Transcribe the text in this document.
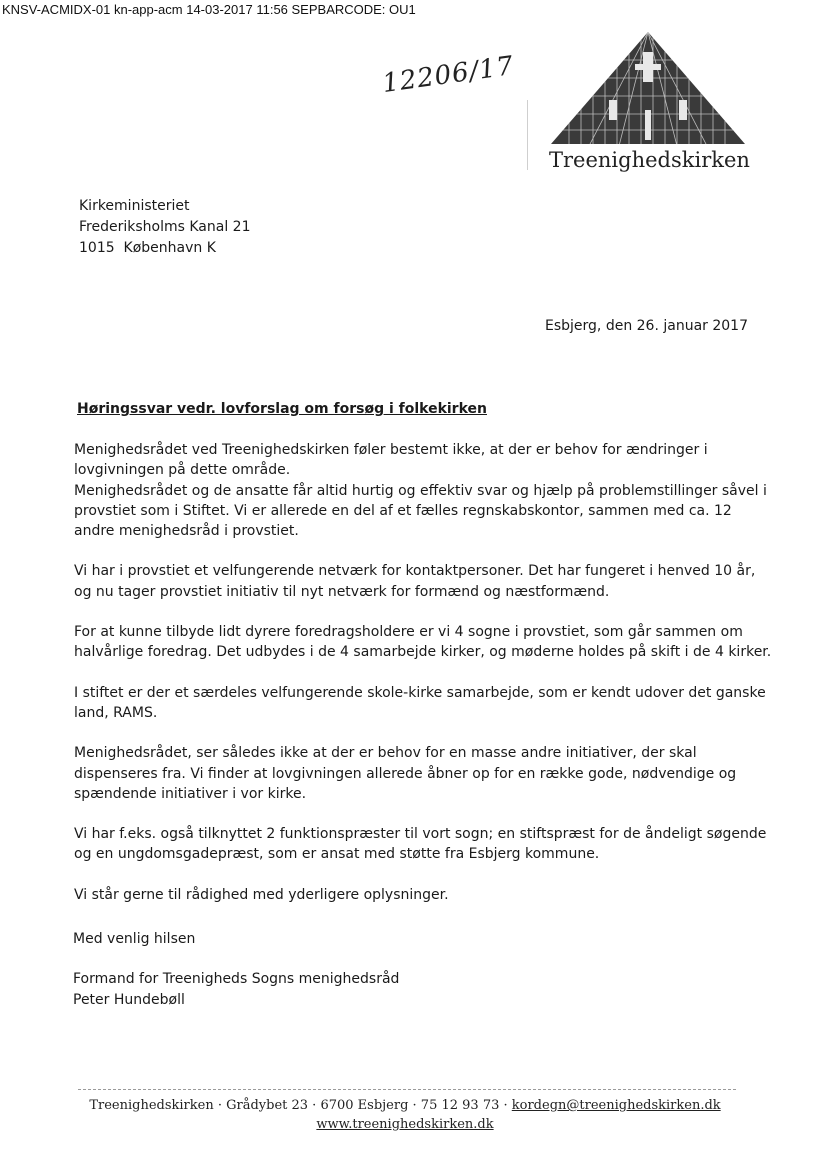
KNSV-ACMIDX-01 kn-app-acm 14-03-2017 11:56 SEPBARCODE: OU1
12206/17
Treenighedskirken
Kirkeministeriet
Frederiksholms Kanal 21
1015  København K
Esbjerg, den 26. januar 2017
Høringssvar vedr. lovforslag om forsøg i folkekirken

Menighedsrådet ved Treenighedskirken føler bestemt ikke, at der er behov for ændringer i lovgivningen på dette område.
Menighedsrådet og de ansatte får altid hurtig og effektiv svar og hjælp på problemstillinger såvel i provstiet som i Stiftet. Vi er allerede en del af et fælles regnskabskontor, sammen med ca. 12 andre menighedsråd i provstiet.

Vi har i provstiet et velfungerende netværk for kontaktpersoner. Det har fungeret i henved 10 år, og nu tager provstiet initiativ til nyt netværk for formænd og næstformænd.

For at kunne tilbyde lidt dyrere foredragsholdere er vi 4 sogne i provstiet, som går sammen om halvårlige foredrag. Det udbydes i de 4 samarbejde kirker, og møderne holdes på skift i de 4 kirker.

I stiftet er der et særdeles velfungerende skole-kirke samarbejde, som er kendt udover det ganske land, RAMS.

Menighedsrådet, ser således ikke at der er behov for en masse andre initiativer, der skal dispenseres fra. Vi finder at lovgivningen allerede åbner op for en række gode, nødvendige og spændende initiativer i vor kirke.

Vi har f.eks. også tilknyttet 2 funktionspræster til vort sogn; en stiftspræst for de åndeligt søgende og en ungdomsgadepræst, som er ansat med støtte fra Esbjerg kommune.

Vi står gerne til rådighed med yderligere oplysninger.

Med venlig hilsen
Formand for Treenigheds Sogns menighedsråd
Peter Hundebøll
Treenighedskirken · Grådybet 23 · 6700 Esbjerg · 75 12 93 73 · kordegn@treenighedskirken.dk
www.treenighedskirken.dk
